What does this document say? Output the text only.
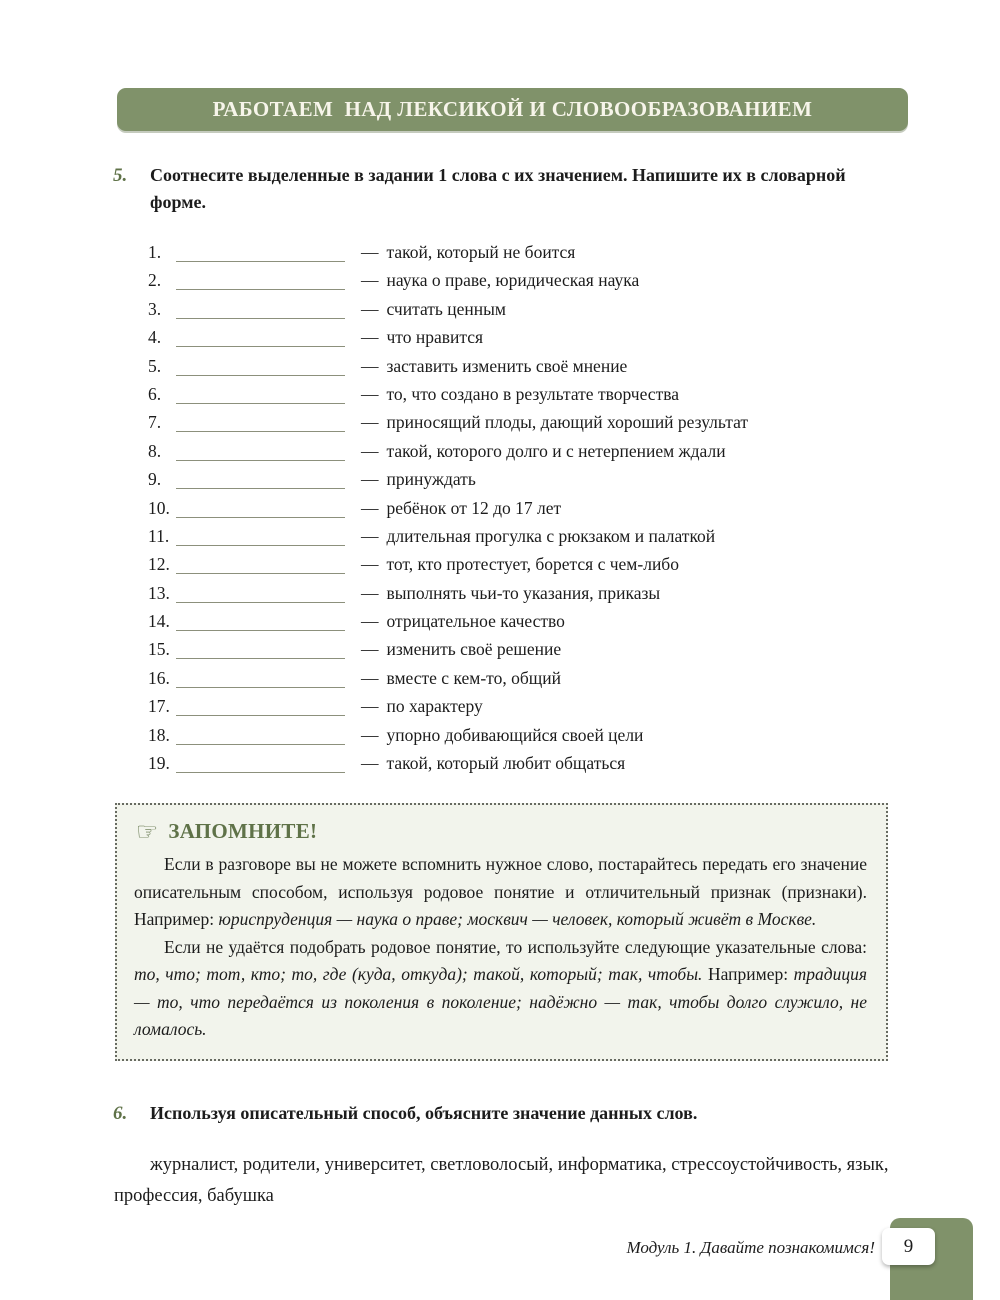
РАБОТАЕМ  НАД ЛЕКСИКОЙ И СЛОВООБРАЗОВАНИЕМ
5.	Соотнесите выделенные в задании 1 слова с их значением. Напишите их в словарной форме.

1.	— такой, который не боится
2.	— наука о праве, юридическая наука
3.	— считать ценным
4.	— что нравится
5.	— заставить изменить своё мнение
6.	— то, что создано в результате творчества
7.	— приносящий плоды, дающий хороший результат
8.	— такой, которого долго и с нетерпением ждали
9.	— принуждать
10.	— ребёнок от 12 до 17 лет
11.	— длительная прогулка с рюкзаком и палаткой
12.	— тот, кто протестует, борется с чем-либо
13.	— выполнять чьи-то указания, приказы
14.	— отрицательное качество
15.	— изменить своё решение
16.	— вместе с кем-то, общий
17.	— по характеру
18.	— упорно добивающийся своей цели
19.	— такой, который любит общаться
☞ ЗАПОМНИТЕ!

Если в разговоре вы не можете вспомнить нужное слово, постарайтесь передать его значение описательным способом, используя родовое понятие и отличительный признак (признаки). Например: юриспруденция — наука о праве; москвич — человек, который живёт в Москве.

Если не удаётся подобрать родовое понятие, то используйте следующие указательные слова: то, что; тот, кто; то, где (куда, откуда); такой, который; так, чтобы. Например: традиция — то, что передаётся из поколения в поколение; надёжно — так, чтобы долго служило, не ломалось.

6.	Используя описательный способ, объясните значение данных слов.

журналист, родители, университет, светловолосый, информатика, стрессоустойчивость, язык, профессия, бабушка

Модуль 1. Давайте познакомимся! 9
